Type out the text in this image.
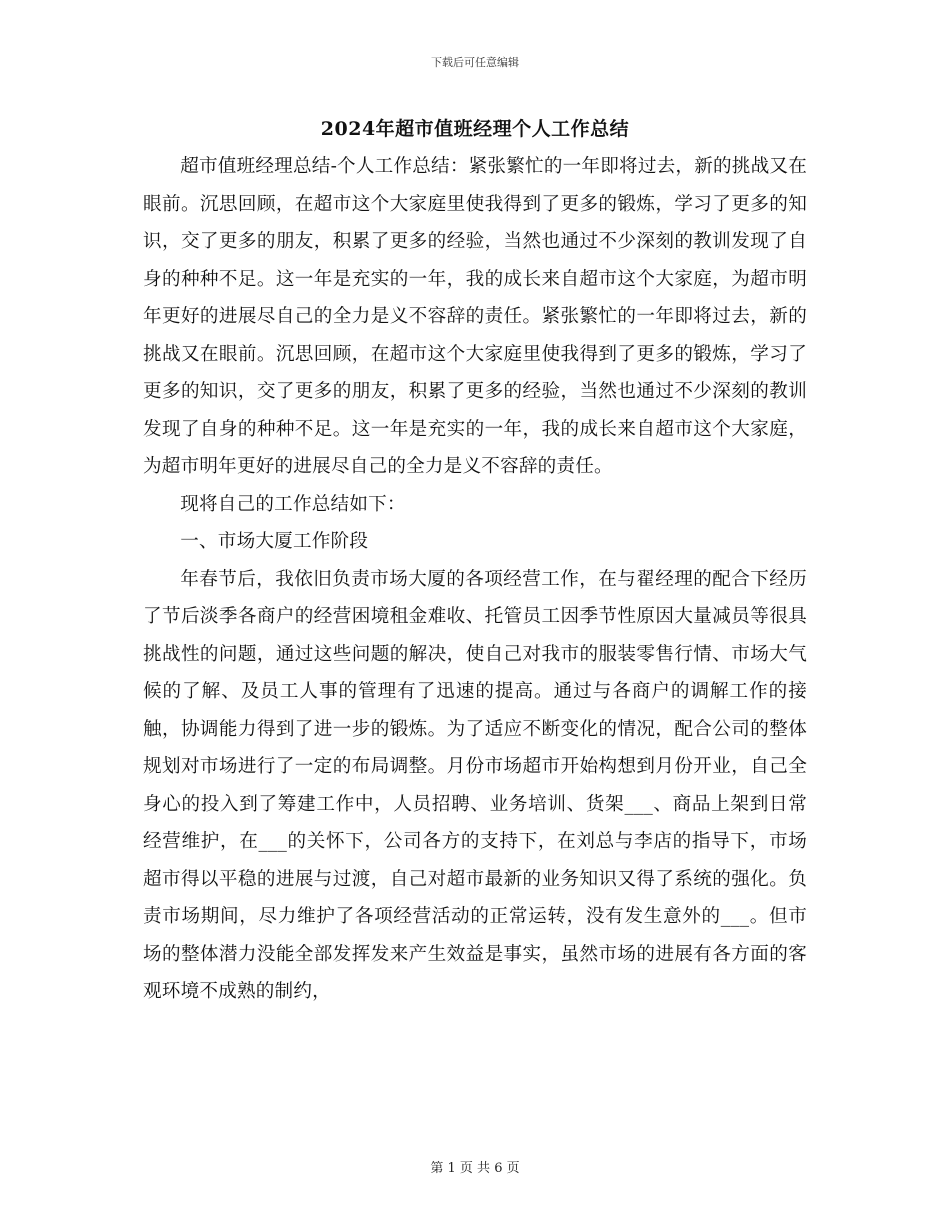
下载后可任意编辑
2024年超市值班经理个人工作总结

超市值班经理总结-个人工作总结：紧张繁忙的一年即将过去，新的挑战又在眼前。沉思回顾，在超市这个大家庭里使我得到了更多的锻炼，学习了更多的知识，交了更多的朋友，积累了更多的经验，当然也通过不少深刻的教训发现了自身的种种不足。这一年是充实的一年，我的成长来自超市这个大家庭，为超市明年更好的进展尽自己的全力是义不容辞的责任。紧张繁忙的一年即将过去，新的挑战又在眼前。沉思回顾，在超市这个大家庭里使我得到了更多的锻炼，学习了更多的知识，交了更多的朋友，积累了更多的经验，当然也通过不少深刻的教训发现了自身的种种不足。这一年是充实的一年，我的成长来自超市这个大家庭，为超市明年更好的进展尽自己的全力是义不容辞的责任。

现将自己的工作总结如下：

一、市场大厦工作阶段

年春节后，我依旧负责市场大厦的各项经营工作，在与翟经理的配合下经历了节后淡季各商户的经营困境租金难收、托管员工因季节性原因大量减员等很具挑战性的问题，通过这些问题的解决，使自己对我市的服装零售行情、市场大气候的了解、及员工人事的管理有了迅速的提高。通过与各商户的调解工作的接触，协调能力得到了进一步的锻炼。为了适应不断变化的情况，配合公司的整体规划对市场进行了一定的布局调整。月份市场超市开始构想到月份开业，自己全身心的投入到了筹建工作中，人员招聘、业务培训、货架___、商品上架到日常经营维护，在___的关怀下，公司各方的支持下，在刘总与李店的指导下，市场超市得以平稳的进展与过渡，自己对超市最新的业务知识又得了系统的强化。负责市场期间，尽力维护了各项经营活动的正常运转，没有发生意外的___。但市场的整体潜力没能全部发挥发来产生效益是事实，虽然市场的进展有各方面的客观环境不成熟的制约，

第 1 页 共 6 页
